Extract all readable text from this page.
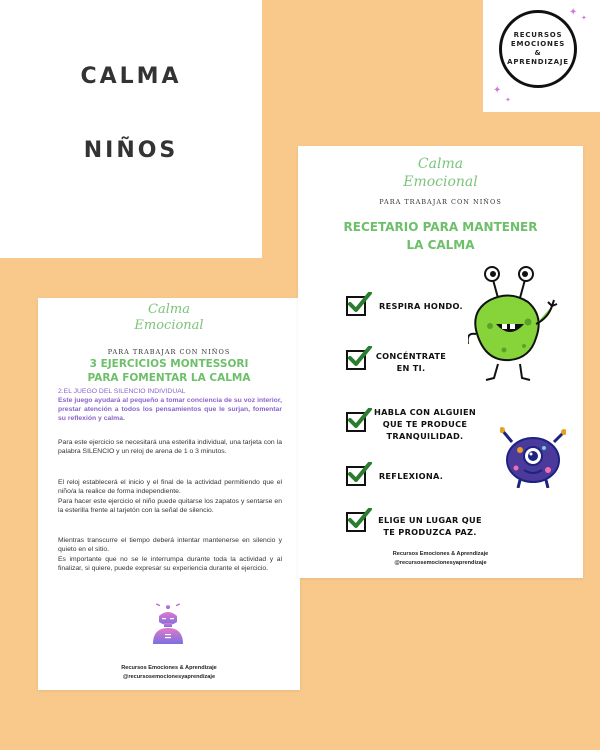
CALMA
NIÑOS
RECURSOS
EMOCIONES
&
APRENDIZAJE
✦
✦
✦
✦
Calma
Emocional
PARA TRABAJAR CON NIÑOS
3 EJERCICIOS MONTESSORI
PARA FOMENTAR LA CALMA
2.EL JUEGO DEL SILENCIO INDIVIDUAL
Este juego ayudará al pequeño a tomar conciencia de su voz interior, prestar atención a todos los pensamientos que le surjan, fomentar su reflexión y calma.
Para este ejercicio se necesitará una esterilla individual, una tarjeta con la palabra SILENCIO y un reloj de arena de 1 o 3 minutos.
El reloj establecerá el inicio y el final de la actividad permitiendo que el niño/a la realice de forma independiente.
Para hacer este ejercicio el niño puede quitarse los zapatos y sentarse en la esterilla frente al tarjetón con la señal de silencio.
Mientras transcurre el tiempo deberá intentar mantenerse en silencio y quieto en el sitio.
Es importante que no se le interrumpa durante toda la actividad y al finalizar, si quiere, puede expresar su experiencia durante el ejercicio.
Recursos Emociones & Aprendizaje
@recursosemocionesyaprendizaje
Calma
Emocional
PARA TRABAJAR CON NIÑOS
RECETARIO PARA MANTENER
LA CALMA
RESPIRA HONDO.
CONCÉNTRATE
EN TI.
HABLA CON ALGUIEN
QUE TE PRODUCE
TRANQUILIDAD.
REFLEXIONA.
ELIGE UN LUGAR QUE
TE PRODUZCA PAZ.
Recursos Emociones & Aprendizaje
@recursosemocionesyaprendizaje
